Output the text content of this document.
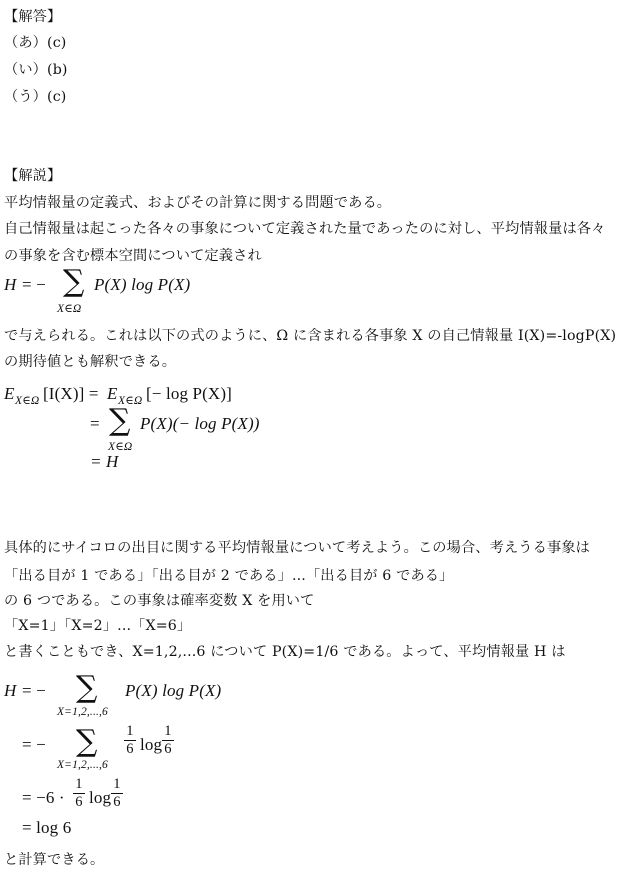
【解答】
（あ）(c)
（い）(b)
（う）(c)
【解説】
平均情報量の定義式、およびその計算に関する問題である。
自己情報量は起こった各々の事象について定義された量であったのに対し、平均情報量は各々
の事象を含む標本空間について定義され
H = − ∑
X∈Ω
P(X) log P(X)
で与えられる。これは以下の式のように、Ω に含まれる各事象 X の自己情報量 I(X)=-logP(X)
の期待値とも解釈できる。
E X∈Ω [I(X)] = E X∈Ω [− log P(X)]
= ∑
X∈Ω
P(X)(− log P(X))
= H
具体的にサイコロの出目に関する平均情報量について考えよう。この場合、考えうる事象は
「出る目が 1 である」「出る目が 2 である」...「出る目が 6 である」
の 6 つである。この事象は確率変数 X を用いて
「X=1」「X=2」...「X=6」
と書くこともでき、X=1,2,...6 について P(X)=1/6 である。よって、平均情報量 H は
H = − ∑
X=1,2,...,6
P(X) log P(X)
= − ∑
X=1,2,...,6
1
6 log
1
6
= −6 ·
1
6 log
1
6
= log 6
と計算できる。
